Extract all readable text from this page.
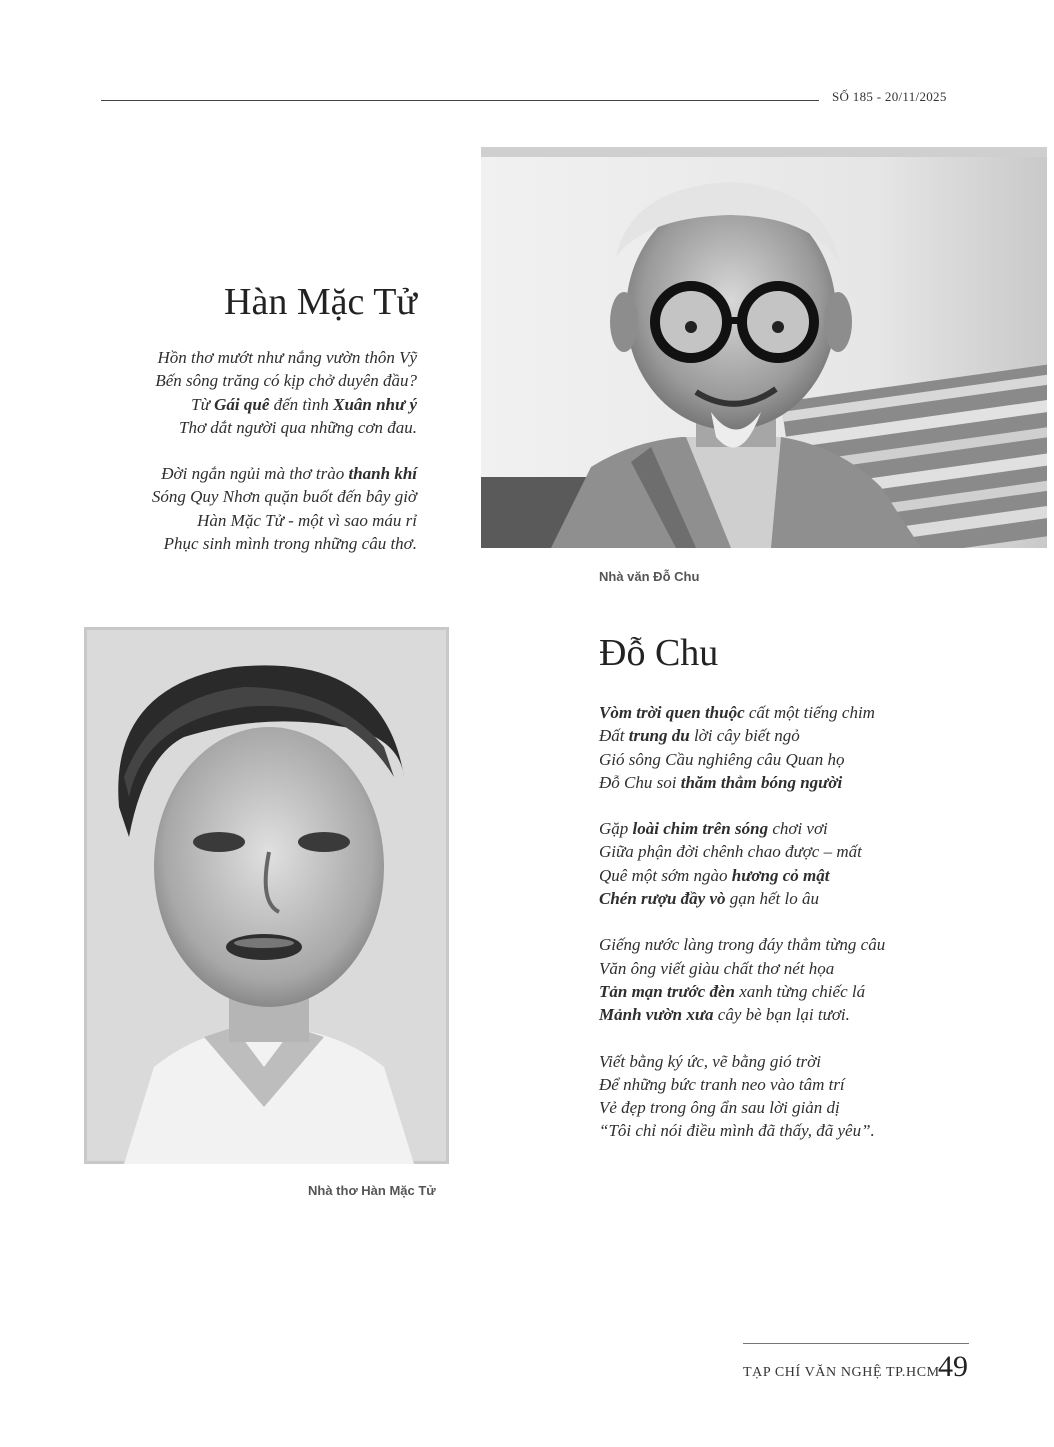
SỐ 185 - 20/11/2025
Nhà văn Đỗ Chu
Hàn Mặc Tử
Hồn thơ mướt như nắng vườn thôn Vỹ
Bến sông trăng có kịp chở duyên đầu?
Từ Gái quê đến tình Xuân như ý
Thơ dắt người qua những cơn đau.
Đời ngắn ngủi mà thơ trào thanh khí
Sóng Quy Nhơn quặn buốt đến bây giờ
Hàn Mặc Tử - một vì sao máu rỉ
Phục sinh mình trong những câu thơ.
Nhà thơ Hàn Mặc Tử
Đỗ Chu
Vòm trời quen thuộc cất một tiếng chim
Đất trung du lời cây biết ngỏ
Gió sông Cầu nghiêng câu Quan họ
Đỗ Chu soi thăm thẳm bóng người
Gặp loài chim trên sóng chơi vơi
Giữa phận đời chênh chao được – mất
Quê một sớm ngào hương cỏ mật
Chén rượu đầy vò gạn hết lo âu
Giếng nước làng trong đáy thẳm từng câu
Văn ông viết giàu chất thơ nét họa
Tản mạn trước đèn xanh từng chiếc lá
Mảnh vườn xưa cây bè bạn lại tươi.
Viết bằng ký ức, vẽ bằng gió trời
Để những bức tranh neo vào tâm trí
Vẻ đẹp trong ông ẩn sau lời giản dị
“Tôi chỉ nói điều mình đã thấy, đã yêu”.
TẠP CHÍ VĂN NGHỆ TP.HCM
49
